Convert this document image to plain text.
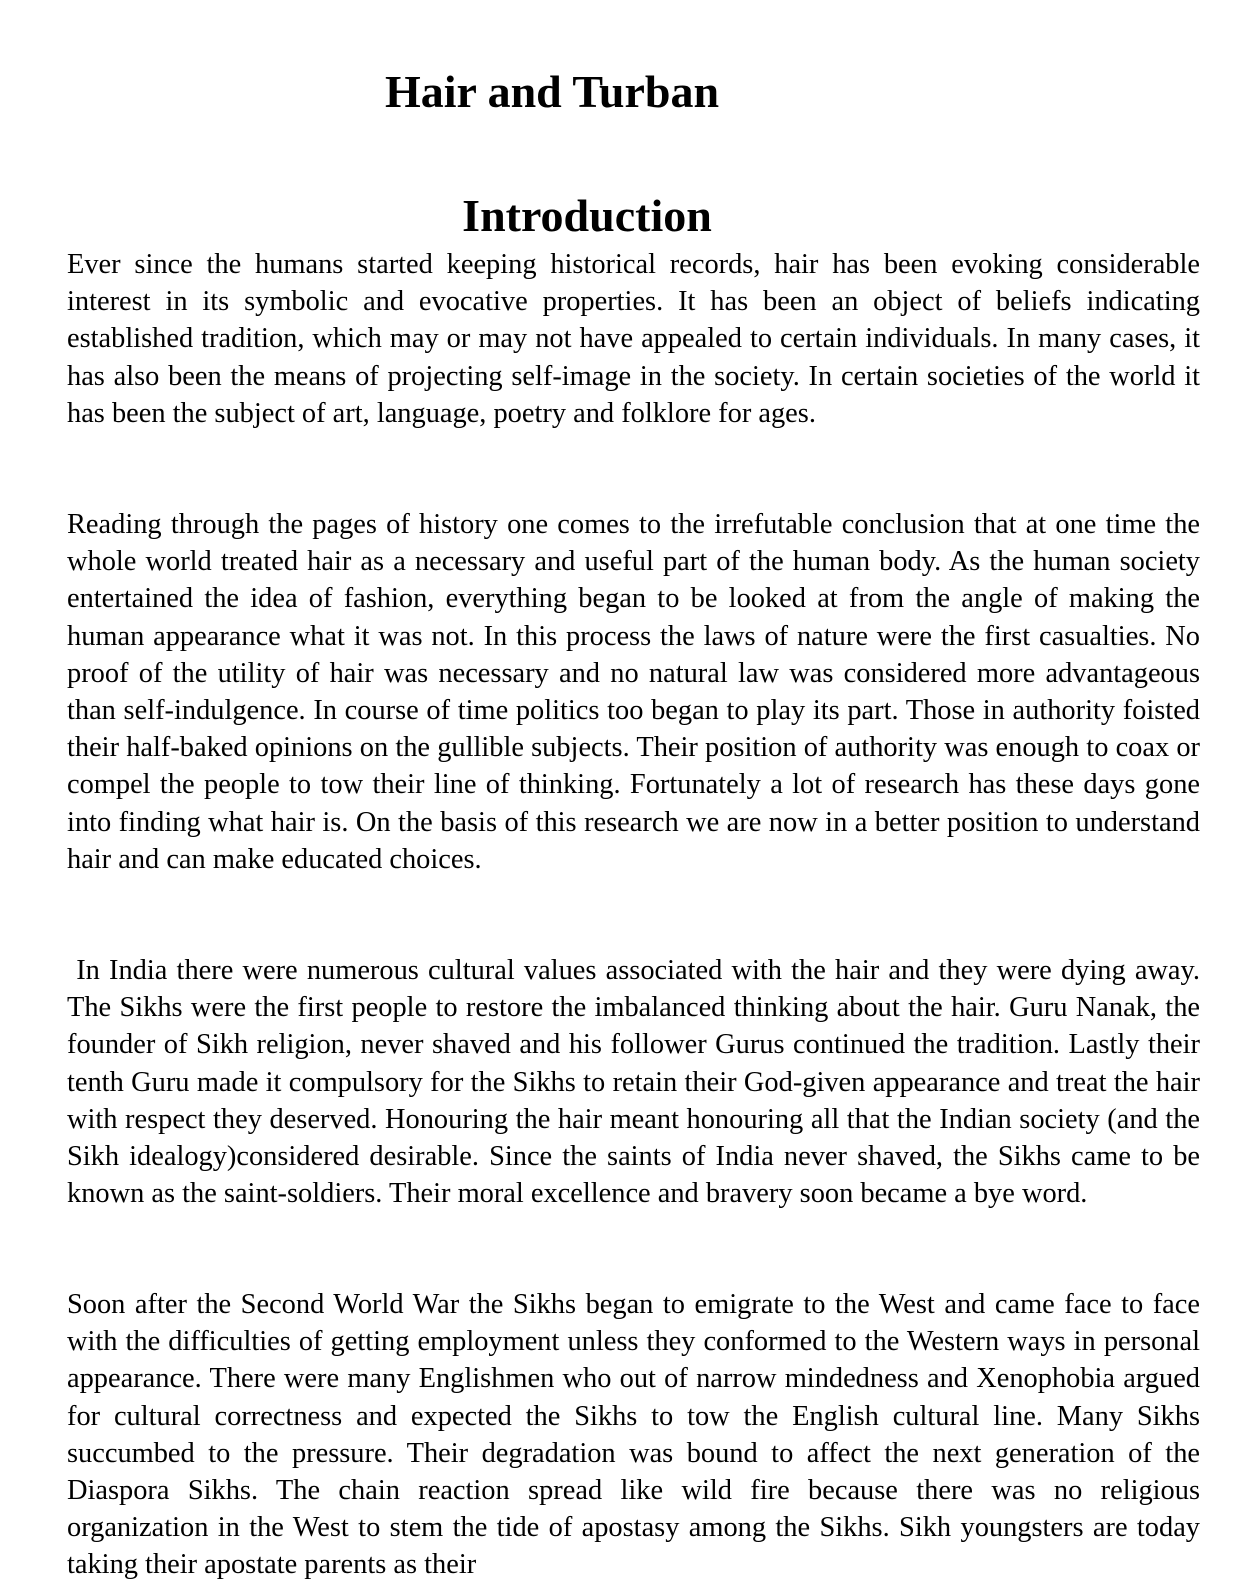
Hair and Turban
Introduction

Ever since the humans started keeping historical records, hair has been evoking considerable interest in its symbolic and evocative properties. It has been an object of beliefs indicating established tradition, which may or may not have appealed to certain individuals. In many cases, it has also been the means of projecting self-image in the society. In certain societies of the world it has been the subject of art, language, poetry and folklore for ages.

Reading through the pages of history one comes to the irrefutable conclusion that at one time the whole world treated hair as a necessary and useful part of the human body. As the human society entertained the idea of fashion, everything began to be looked at from the angle of making the human appearance what it was not. In this process the laws of nature were the first casualties. No proof of the utility of hair was necessary and no natural law was considered more advantageous than self-indulgence. In course of time politics too began to play its part. Those in authority foisted their half-baked opinions on the gullible subjects. Their position of authority was enough to coax or compel the people to tow their line of thinking. Fortunately a lot of research has these days gone into finding what hair is. On the basis of this research we are now in a better position to understand hair and can make educated choices.

In India there were numerous cultural values associated with the hair and they were dying away. The Sikhs were the first people to restore the imbalanced thinking about the hair. Guru Nanak, the founder of Sikh religion, never shaved and his follower Gurus continued the tradition. Lastly their tenth Guru made it compulsory for the Sikhs to retain their God-given appearance and treat the hair with respect they deserved. Honouring the hair meant honouring all that the Indian society (and the Sikh idealogy)considered desirable. Since the saints of India never shaved, the Sikhs came to be known as the saint-soldiers. Their moral excellence and bravery soon became a bye word.

Soon after the Second World War the Sikhs began to emigrate to the West and came face to face with the difficulties of getting employment unless they conformed to the Western ways in personal appearance. There were many Englishmen who out of narrow mindedness and Xenophobia argued for cultural correctness and expected the Sikhs to tow the English cultural line. Many Sikhs succumbed to the pressure. Their degradation was bound to affect the next generation of the Diaspora Sikhs. The chain reaction spread like wild fire because there was no religious organization in the West to stem the tide of apostasy among the Sikhs. Sikh youngsters are today taking their apostate parents as their
